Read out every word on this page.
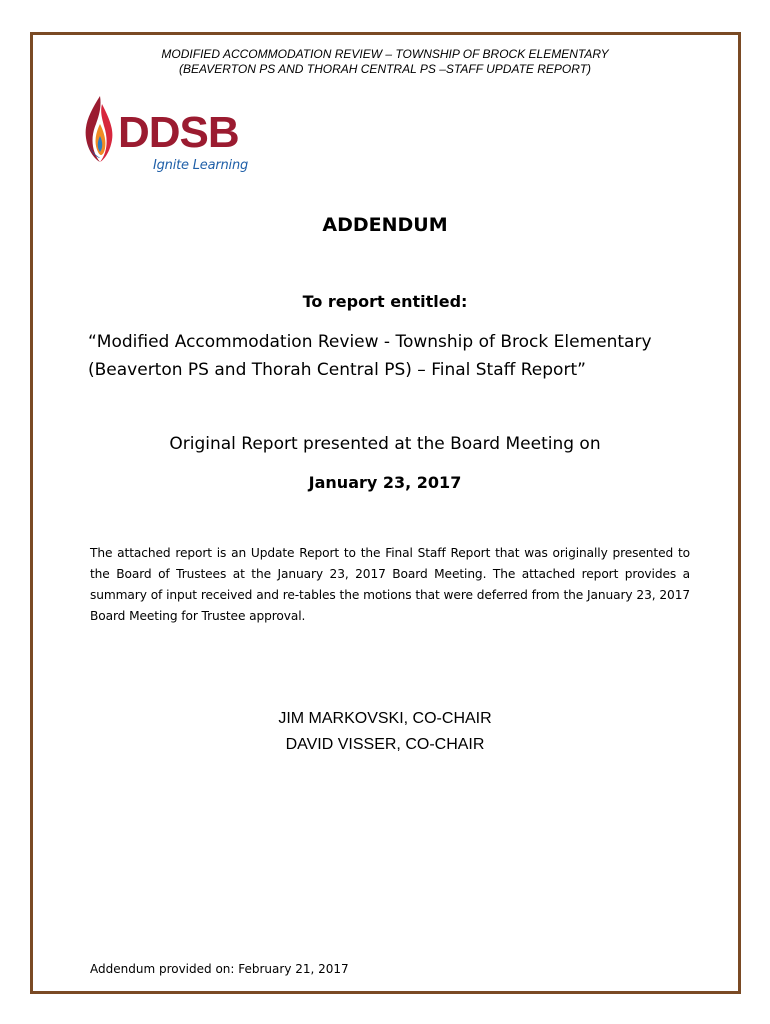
MODIFIED ACCOMMODATION REVIEW – TOWNSHIP OF BROCK ELEMENTARY
(BEAVERTON PS AND THORAH CENTRAL PS –STAFF UPDATE REPORT)
DDSB
Ignite Learning
ADDENDUM
To report entitled:
“Modified Accommodation Review - Township of Brock Elementary
(Beaverton PS and Thorah Central PS) – Final Staff Report”
Original Report presented at the Board Meeting on
January 23, 2017
The attached report is an Update Report to the Final Staff Report that was originally presented to the Board of Trustees at the January 23, 2017 Board Meeting. The attached report provides a summary of input received and re-tables the motions that were deferred from the January 23, 2017 Board Meeting for Trustee approval.
JIM MARKOVSKI, CO-CHAIR
DAVID VISSER, CO-CHAIR
Addendum provided on: February 21, 2017
